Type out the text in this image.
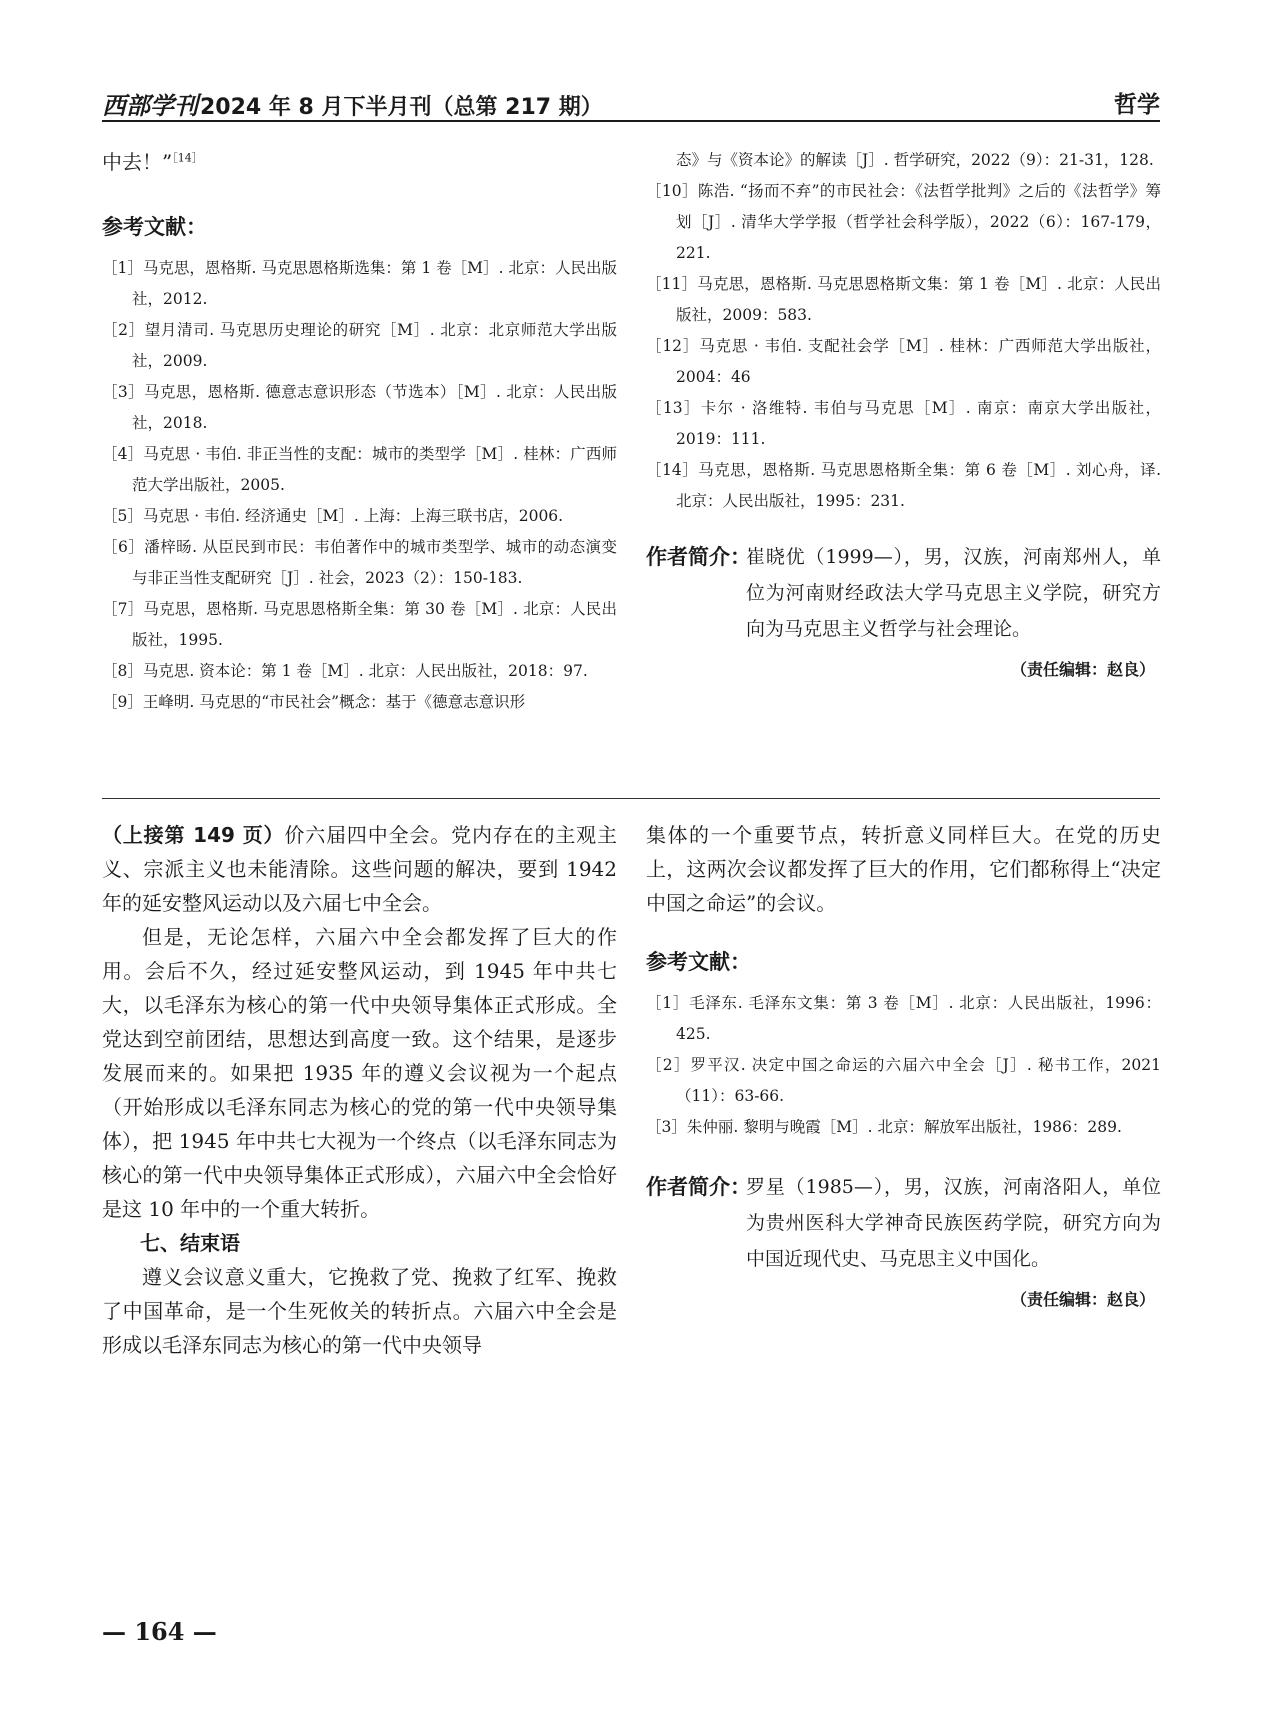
西部学刊2024 年 8 月下半月刊（总第 217 期）	哲学

中去！”$^{[14]}$

参考文献：

［1］马克思，恩格斯. 马克思恩格斯选集：第 1 卷［M］. 北京：人民出版社，2012.

［2］望月清司. 马克思历史理论的研究［M］. 北京：北京师范大学出版社，2009.

［3］马克思，恩格斯. 德意志意识形态（节选本）［M］. 北京：人民出版社，2018.

［4］马克思 · 韦伯. 非正当性的支配：城市的类型学［M］. 桂林：广西师范大学出版社，2005.

［5］马克思 · 韦伯. 经济通史［M］. 上海：上海三联书店，2006.

［6］潘梓旸. 从臣民到市民：韦伯著作中的城市类型学、城市的动态演变与非正当性支配研究［J］. 社会，2023（2）：150-183.

［7］马克思，恩格斯. 马克思恩格斯全集：第 30 卷［M］. 北京：人民出版社，1995.

［8］马克思. 资本论：第 1 卷［M］. 北京：人民出版社，2018：97.

［9］王峰明. 马克思的“市民社会”概念：基于《德意志意识形

态》与《资本论》的解读［J］. 哲学研究，2022（9）：21-31，128.

［10］陈浩. “扬而不弃”的市民社会：《法哲学批判》之后的《法哲学》筹划［J］. 清华大学学报（哲学社会科学版），2022（6）：167-179，221.

［11］马克思，恩格斯. 马克思恩格斯文集：第 1 卷［M］. 北京：人民出版社，2009：583.

［12］马克思 · 韦伯. 支配社会学［M］. 桂林：广西师范大学出版社，2004：46

［13］卡尔 · 洛维特. 韦伯与马克思［M］. 南京：南京大学出版社，2019：111.

［14］马克思，恩格斯. 马克思恩格斯全集：第 6 卷［M］. 刘心舟，译. 北京：人民出版社，1995：231.

作者简介：
崔晓优（1999—），男，汉族，河南郑州人，单位为河南财经政法大学马克思主义学院，研究方向为马克思主义哲学与社会理论。
（责任编辑：赵良）

（上接第 149 页）价六届四中全会。党内存在的主观主义、宗派主义也未能清除。这些问题的解决，要到 1942 年的延安整风运动以及六届七中全会。

但是，无论怎样，六届六中全会都发挥了巨大的作用。会后不久，经过延安整风运动，到 1945 年中共七大，以毛泽东为核心的第一代中央领导集体正式形成。全党达到空前团结，思想达到高度一致。这个结果，是逐步发展而来的。如果把 1935 年的遵义会议视为一个起点（开始形成以毛泽东同志为核心的党的第一代中央领导集体），把 1945 年中共七大视为一个终点（以毛泽东同志为核心的第一代中央领导集体正式形成），六届六中全会恰好是这 10 年中的一个重大转折。

七、结束语

遵义会议意义重大，它挽救了党、挽救了红军、挽救了中国革命，是一个生死攸关的转折点。六届六中全会是形成以毛泽东同志为核心的第一代中央领导

集体的一个重要节点，转折意义同样巨大。在党的历史上，这两次会议都发挥了巨大的作用，它们都称得上“决定中国之命运”的会议。

参考文献：

［1］毛泽东. 毛泽东文集：第 3 卷［M］. 北京：人民出版社，1996：425.

［2］罗平汉. 决定中国之命运的六届六中全会［J］. 秘书工作，2021（11）：63-66.

［3］朱仲丽. 黎明与晚霞［M］. 北京：解放军出版社，1986：289.

作者简介：
罗星（1985—），男，汉族，河南洛阳人，单位为贵州医科大学神奇民族医药学院，研究方向为中国近现代史、马克思主义中国化。
（责任编辑：赵良）
— 164 —
